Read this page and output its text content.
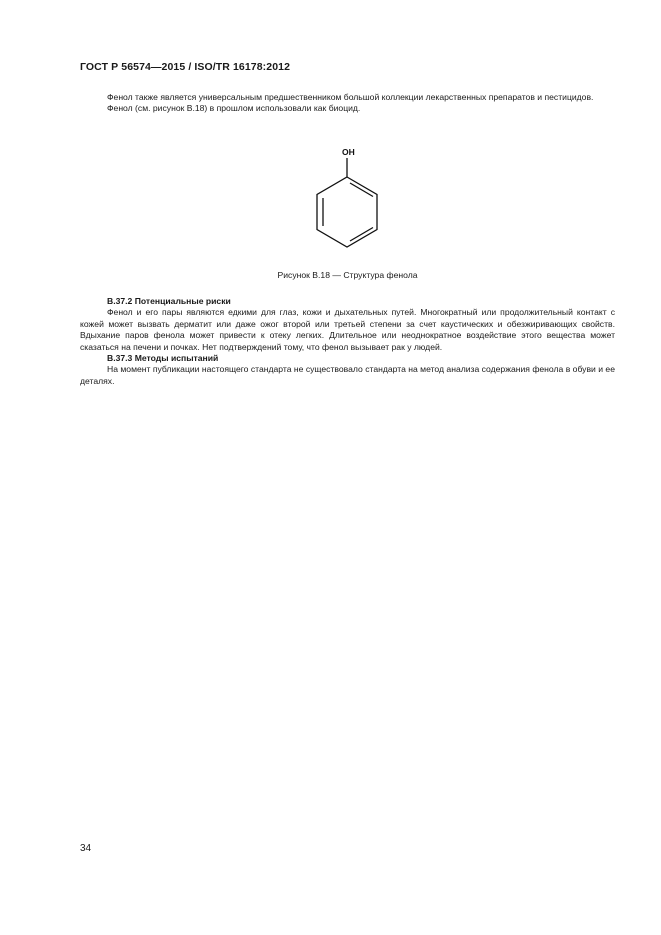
ГОСТ Р 56574—2015 / ISO/TR 16178:2012

Фенол также является универсальным предшественником большой коллекции лекарственных препаратов и пестицидов.

Фенол (см. рисунок В.18) в прошлом использовали как биоцид.

OH
Рисунок В.18 — Структура фенола

В.37.2 Потенциальные риски

Фенол и его пары являются едкими для глаз, кожи и дыхательных путей. Многократный или продолжительный контакт с кожей может вызвать дерматит или даже ожог второй или третьей степени за счет каустических и обезжиривающих свойств. Вдыхание паров фенола может привести к отеку легких. Длительное или неоднократное воздействие этого вещества может сказаться на печени и почках. Нет подтверждений тому, что фенол вызывает рак у людей.

В.37.3 Методы испытаний

На момент публикации настоящего стандарта не существовало стандарта на метод анализа содержания фенола в обуви и ее деталях.

34
